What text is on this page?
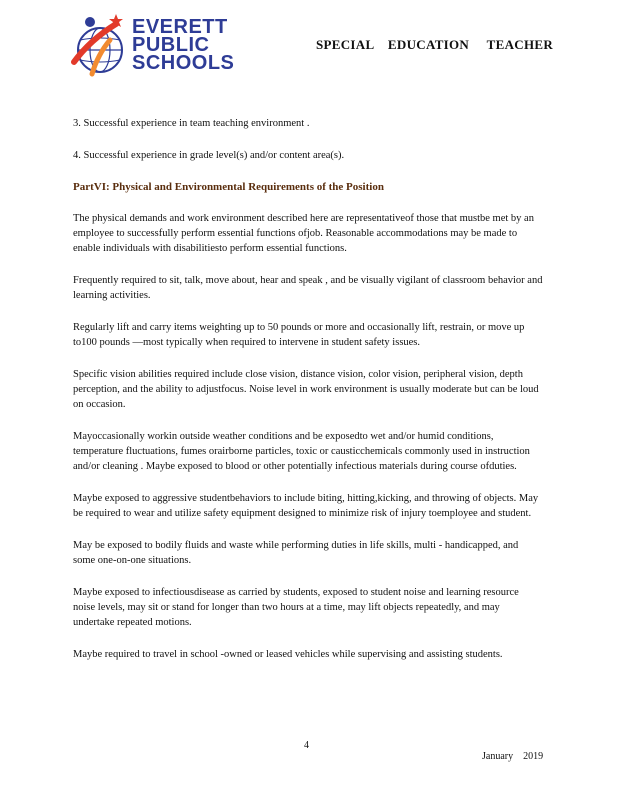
EVERETT
PUBLIC
SCHOOLS
SPECIAL    EDUCATION     TEACHER
3. Successful experience in team teaching environment .
4. Successful experience in grade level(s) and/or content area(s).
PartVI: Physical and Environmental Requirements of the Position

The physical demands and work environment described here are representativeof those that mustbe met by an employee to successfully perform essential functions ofjob. Reasonable accommodations may be made to enable individuals with disabilitiesto perform essential functions.

Frequently required to sit, talk, move about, hear and speak , and be visually vigilant of classroom behavior and learning activities.

Regularly lift and carry items weighting up to 50 pounds or more and occasionally lift, restrain, or move up to100 pounds —most typically when required to intervene in student safety issues.

Specific vision abilities required include close vision, distance vision, color vision, peripheral vision, depth perception, and the ability to adjustfocus. Noise level in work environment is usually moderate but can be loud on occasion.

Mayoccasionally workin outside weather conditions and be exposedto wet and/or humid conditions, temperature fluctuations, fumes orairborne particles, toxic or causticchemicals commonly used in instruction and/or cleaning . Maybe exposed to blood or other potentially infectious materials during course ofduties.

Maybe exposed to aggressive studentbehaviors to include biting, hitting,kicking, and throwing of objects. May be required to wear and utilize safety equipment designed to minimize risk of injury toemployee and student.

May be exposed to bodily fluids and waste while performing duties in life skills, multi - handicapped, and some one-on-one situations.

Maybe exposed to infectiousdisease as carried by students, exposed to student noise and learning resource noise levels, may sit or stand for longer than two hours at a time, may lift objects repeatedly, and may undertake repeated motions.

Maybe required to travel in school -owned or leased vehicles while supervising and assisting students.

4
January    2019
